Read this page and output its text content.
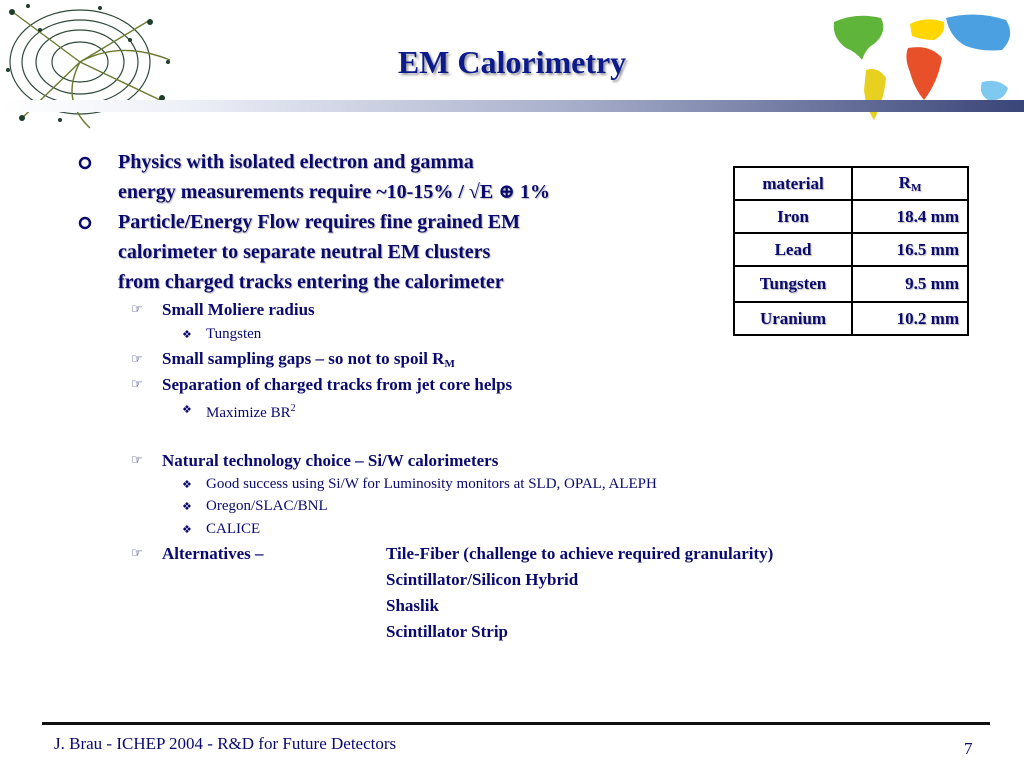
EM Calorimetry
Physics with isolated electron and gamma
energy measurements require ~10-15% / √E ⊕ 1%
Particle/Energy Flow requires fine grained EM
calorimeter to separate neutral EM clusters
from charged tracks entering the calorimeter
☞ Small Moliere radius
❖ Tungsten
☞ Small sampling gaps – so not to spoil $R_M$
☞ Separation of charged tracks from jet core helps
❖ Maximize $BR^2$
☞ Natural technology choice – Si/W calorimeters
❖ Good success using Si/W for Luminosity monitors at SLD, OPAL, ALEPH
❖ Oregon/SLAC/BNL
❖ CALICE
☞ Alternatives –	Tile-Fiber (challenge to achieve required granularity)
Scintillator/Silicon Hybrid
Shaslik
Scintillator Strip
material	$R_M$
Iron	18.4 mm
Lead	16.5 mm
Tungsten	9.5 mm
Uranium	10.2 mm
J. Brau - ICHEP 2004 - R&D for Future Detectors	7
